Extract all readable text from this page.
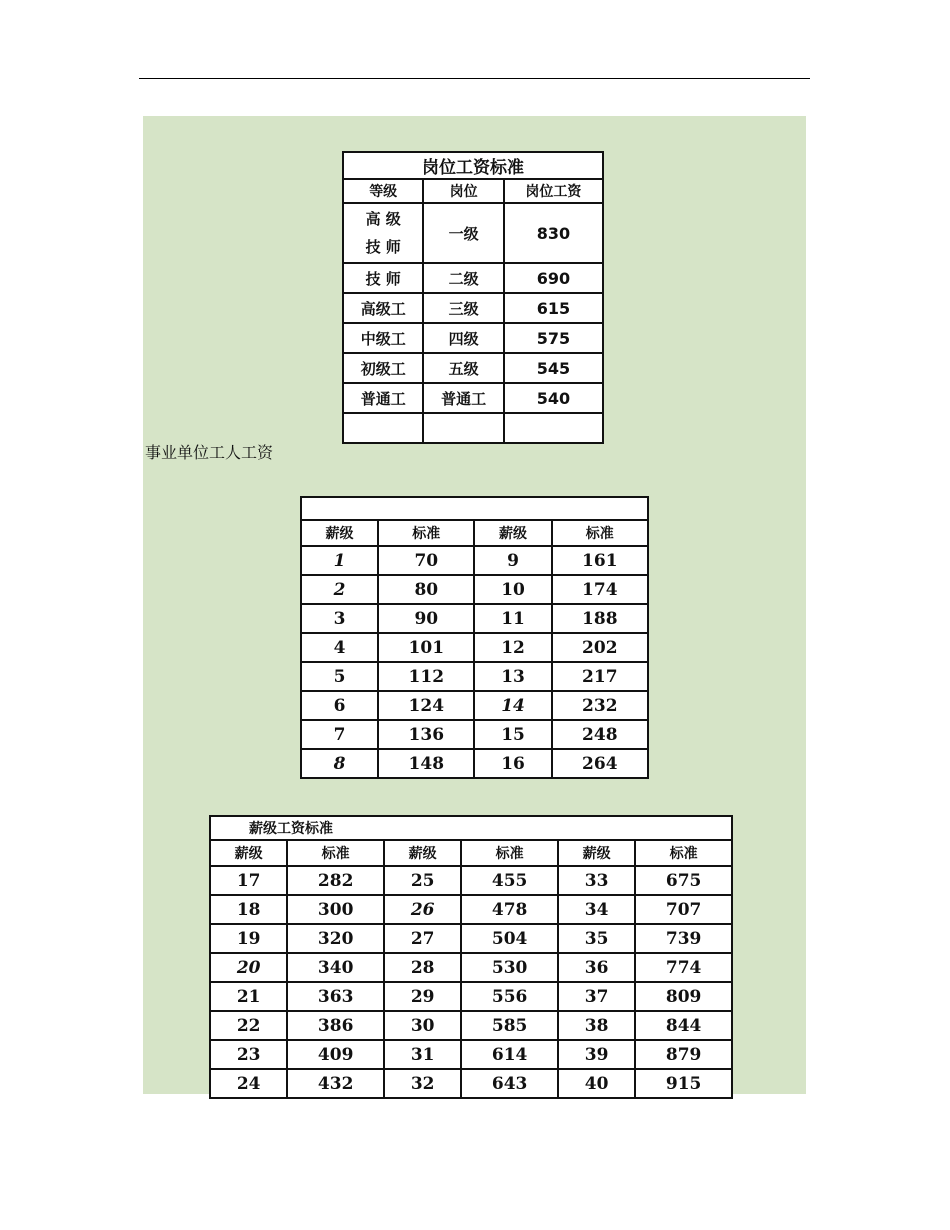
岗位工资标准		
等级	岗位	岗位工资

高 级
技 师	一级	830
技 师	二级	690
高级工	三级	615
中级工	四级	575
初级工	五级	545
普通工	普通工	540

事业单位工人工资

薪级	标准	薪级	标准
1	70	9	161
2	80	10	174
3	90	11	188
4	101	12	202
5	112	13	217
6	124	14	232
7	136	15	248
8	148	16	264
薪级工资标准					
薪级	标准	薪级	标准	薪级	标准
17	282	25	455	33	675
18	300	26	478	34	707
19	320	27	504	35	739
20	340	28	530	36	774
21	363	29	556	37	809
22	386	30	585	38	844
23	409	31	614	39	879
24	432	32	643	40	915
